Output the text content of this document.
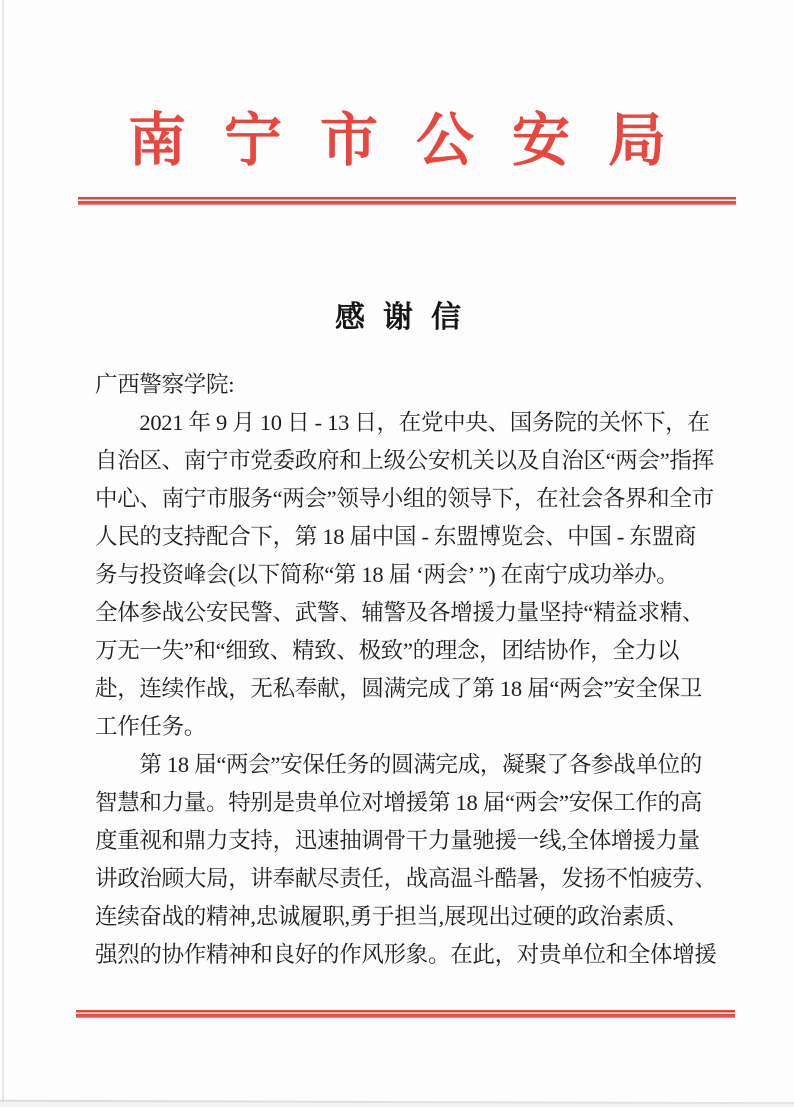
南宁市公安局
感谢信
广西警察学院:
　　2021 年 9 月 10 日 - 13 日，在党中央、国务院的关怀下，在
自治区、南宁市党委政府和上级公安机关以及自治区“两会”指挥
中心、南宁市服务“两会”领导小组的领导下，在社会各界和全市
人民的支持配合下，第 18 届中国 - 东盟博览会、中国 - 东盟商
务与投资峰会(以下简称“第 18 届 ‘两会’ ”) 在南宁成功举办。
全体参战公安民警、武警、辅警及各增援力量坚持“精益求精、
万无一失”和“细致、精致、极致”的理念，团结协作，全力以
赴，连续作战，无私奉献，圆满完成了第 18 届“两会”安全保卫
工作任务。
　　第 18 届“两会”安保任务的圆满完成，凝聚了各参战单位的
智慧和力量。特别是贵单位对增援第 18 届“两会”安保工作的高
度重视和鼎力支持，迅速抽调骨干力量驰援一线,全体增援力量
讲政治顾大局，讲奉献尽责任，战高温斗酷暑，发扬不怕疲劳、
连续奋战的精神,忠诚履职,勇于担当,展现出过硬的政治素质、
强烈的协作精神和良好的作风形象。在此，对贵单位和全体增援
